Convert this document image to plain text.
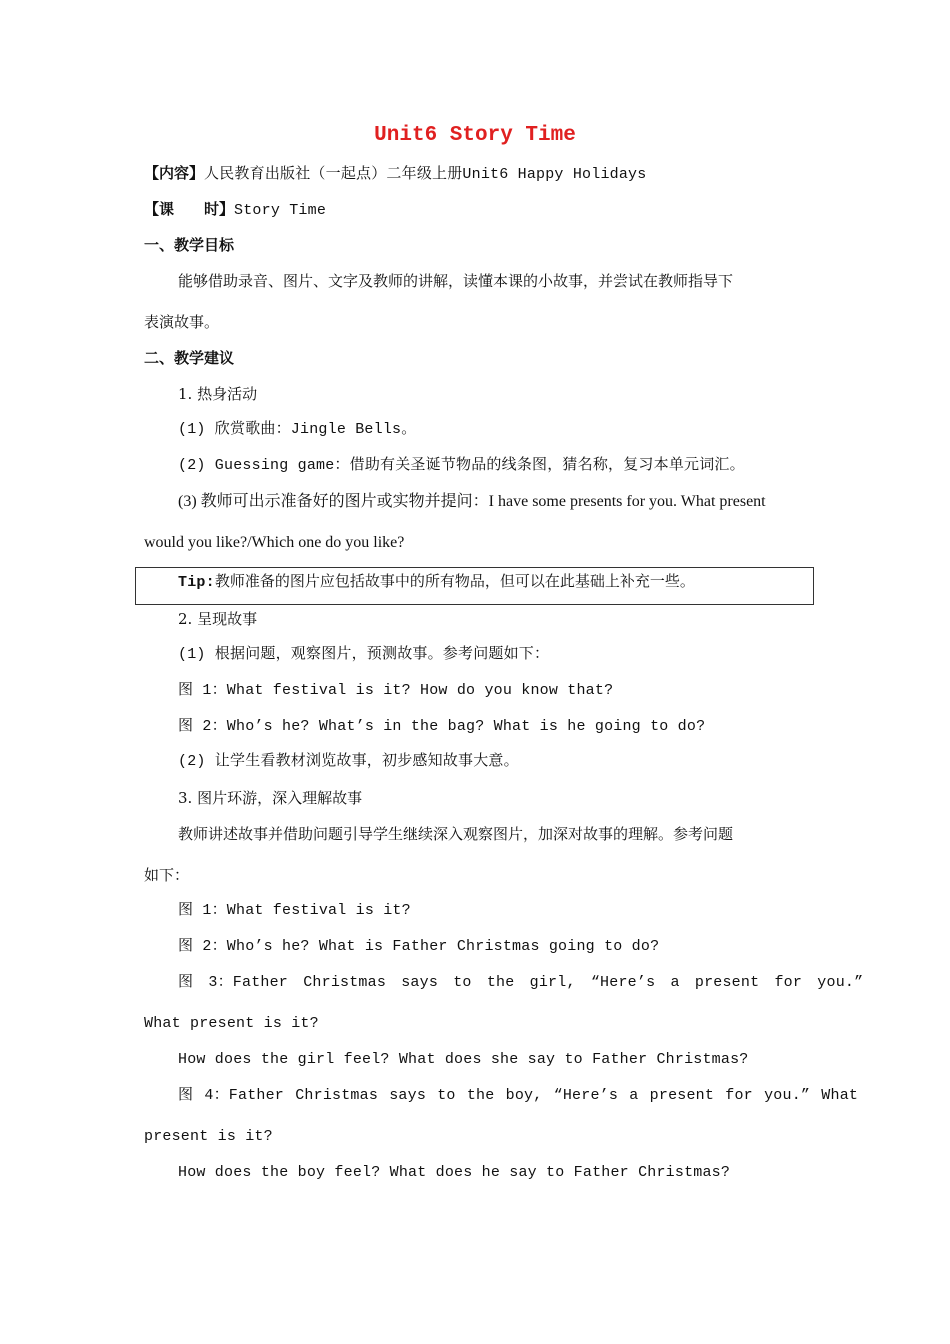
Unit6 Story Time
【内容】人民教育出版社（一起点）二年级上册Unit6 Happy Holidays
【课　　时】Story Time
一、教学目标
能够借助录音、图片、文字及教师的讲解，读懂本课的小故事，并尝试在教师指导下
表演故事。
二、教学建议
1. 热身活动
(1) 欣赏歌曲：Jingle Bells。
(2) Guessing game：借助有关圣诞节物品的线条图，猜名称，复习本单元词汇。
(3) 教师可出示准备好的图片或实物并提问：I have some presents for you. What present
would you like?/Which one do you like?
Tip:教师准备的图片应包括故事中的所有物品，但可以在此基础上补充一些。
2. 呈现故事
(1) 根据问题，观察图片，预测故事。参考问题如下：
图 1：What festival is it? How do you know that?
图 2：Who’s he? What’s in the bag? What is he going to do?
(2) 让学生看教材浏览故事，初步感知故事大意。
3. 图片环游，深入理解故事
教师讲述故事并借助问题引导学生继续深入观察图片，加深对故事的理解。参考问题
如下：
图 1：What festival is it?
图 2：Who’s he? What is Father Christmas going to do?
图 3：Father Christmas says to the girl, “Here’s a present for you.”
What present is it?
How does the girl feel? What does she say to Father Christmas?
图 4：Father Christmas says to the boy, “Here’s a present for you.” What
present is it?
How does the boy feel? What does he say to Father Christmas?
